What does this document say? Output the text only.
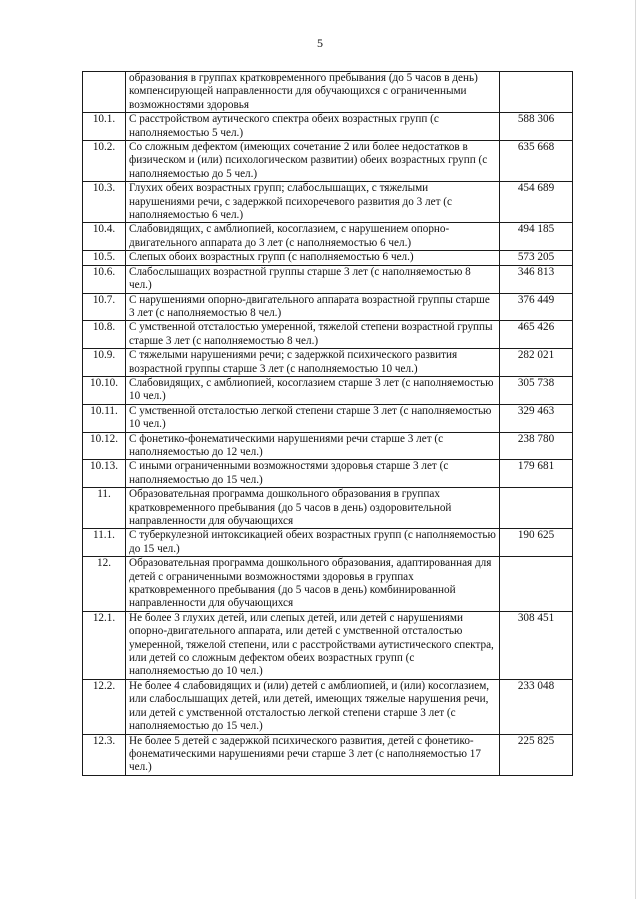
5
	образования в группах кратковременного пребывания (до 5 часов в день) компенсирующей направленности для обучающихся с ограниченными возможностями здоровья	
10.1.	С расстройством аутического спектра обеих возрастных групп (с наполняемостью 5 чел.)	588 306
10.2.	Со сложным дефектом (имеющих сочетание 2 или более недостатков в физическом и (или) психологическом развитии) обеих возрастных групп (с наполняемостью до 5 чел.)	635 668
10.3.	Глухих обеих возрастных групп; слабослышащих, с тяжелыми нарушениями речи, с задержкой психоречевого развития до 3 лет (с наполняемостью 6 чел.)	454 689
10.4.	Слабовидящих, с амблиопией, косоглазием, с нарушением опорно-двигательного аппарата до 3 лет (с наполняемостью 6 чел.)	494 185
10.5.	Слепых обоих возрастных групп (с наполняемостью 6 чел.)	573 205
10.6.	Слабослышащих возрастной группы старше 3 лет (с наполняемостью 8 чел.)	346 813
10.7.	С нарушениями опорно-двигательного аппарата возрастной группы старше 3 лет (с наполняемостью 8 чел.)	376 449
10.8.	С умственной отсталостью умеренной, тяжелой степени возрастной группы старше 3 лет (с наполняемостью 8 чел.)	465 426
10.9.	С тяжелыми нарушениями речи; с задержкой психического развития возрастной группы старше 3 лет (с наполняемостью 10 чел.)	282 021
10.10.	Слабовидящих, с амблиопией, косоглазием старше 3 лет (с наполняемостью 10 чел.)	305 738
10.11.	С умственной отсталостью легкой степени старше 3 лет (с наполняемостью 10 чел.)	329 463
10.12.	С фонетико-фонематическими нарушениями речи старше 3 лет (с наполняемостью до 12 чел.)	238 780
10.13.	С иными ограниченными возможностями здоровья старше 3 лет (с наполняемостью до 15 чел.)	179 681
11.	Образовательная программа дошкольного образования в группах кратковременного пребывания (до 5 часов в день) оздоровительной направленности для обучающихся	
11.1.	С туберкулезной интоксикацией обеих возрастных групп (с наполняемостью до 15 чел.)	190 625
12.	Образовательная программа дошкольного образования, адаптированная для детей с ограниченными возможностями здоровья в группах кратковременного пребывания (до 5 часов в день) комбинированной направленности для обучающихся	
12.1.	Не более 3 глухих детей, или слепых детей, или детей с нарушениями опорно-двигательного аппарата, или детей с умственной отсталостью умеренной, тяжелой степени, или с расстройствами аутистического спектра, или детей со сложным дефектом обеих возрастных групп (с наполняемостью до 10 чел.)	308 451
12.2.	Не более 4 слабовидящих и (или) детей с амблиопией, и (или) косоглазием, или слабослышащих детей, или детей, имеющих тяжелые нарушения речи, или детей с умственной отсталостью легкой степени старше 3 лет (с наполняемостью до 15 чел.)	233 048
12.3.	Не более 5 детей с задержкой психического развития, детей с фонетико-фонематическими нарушениями речи старше 3 лет (с наполняемостью 17 чел.)	225 825
